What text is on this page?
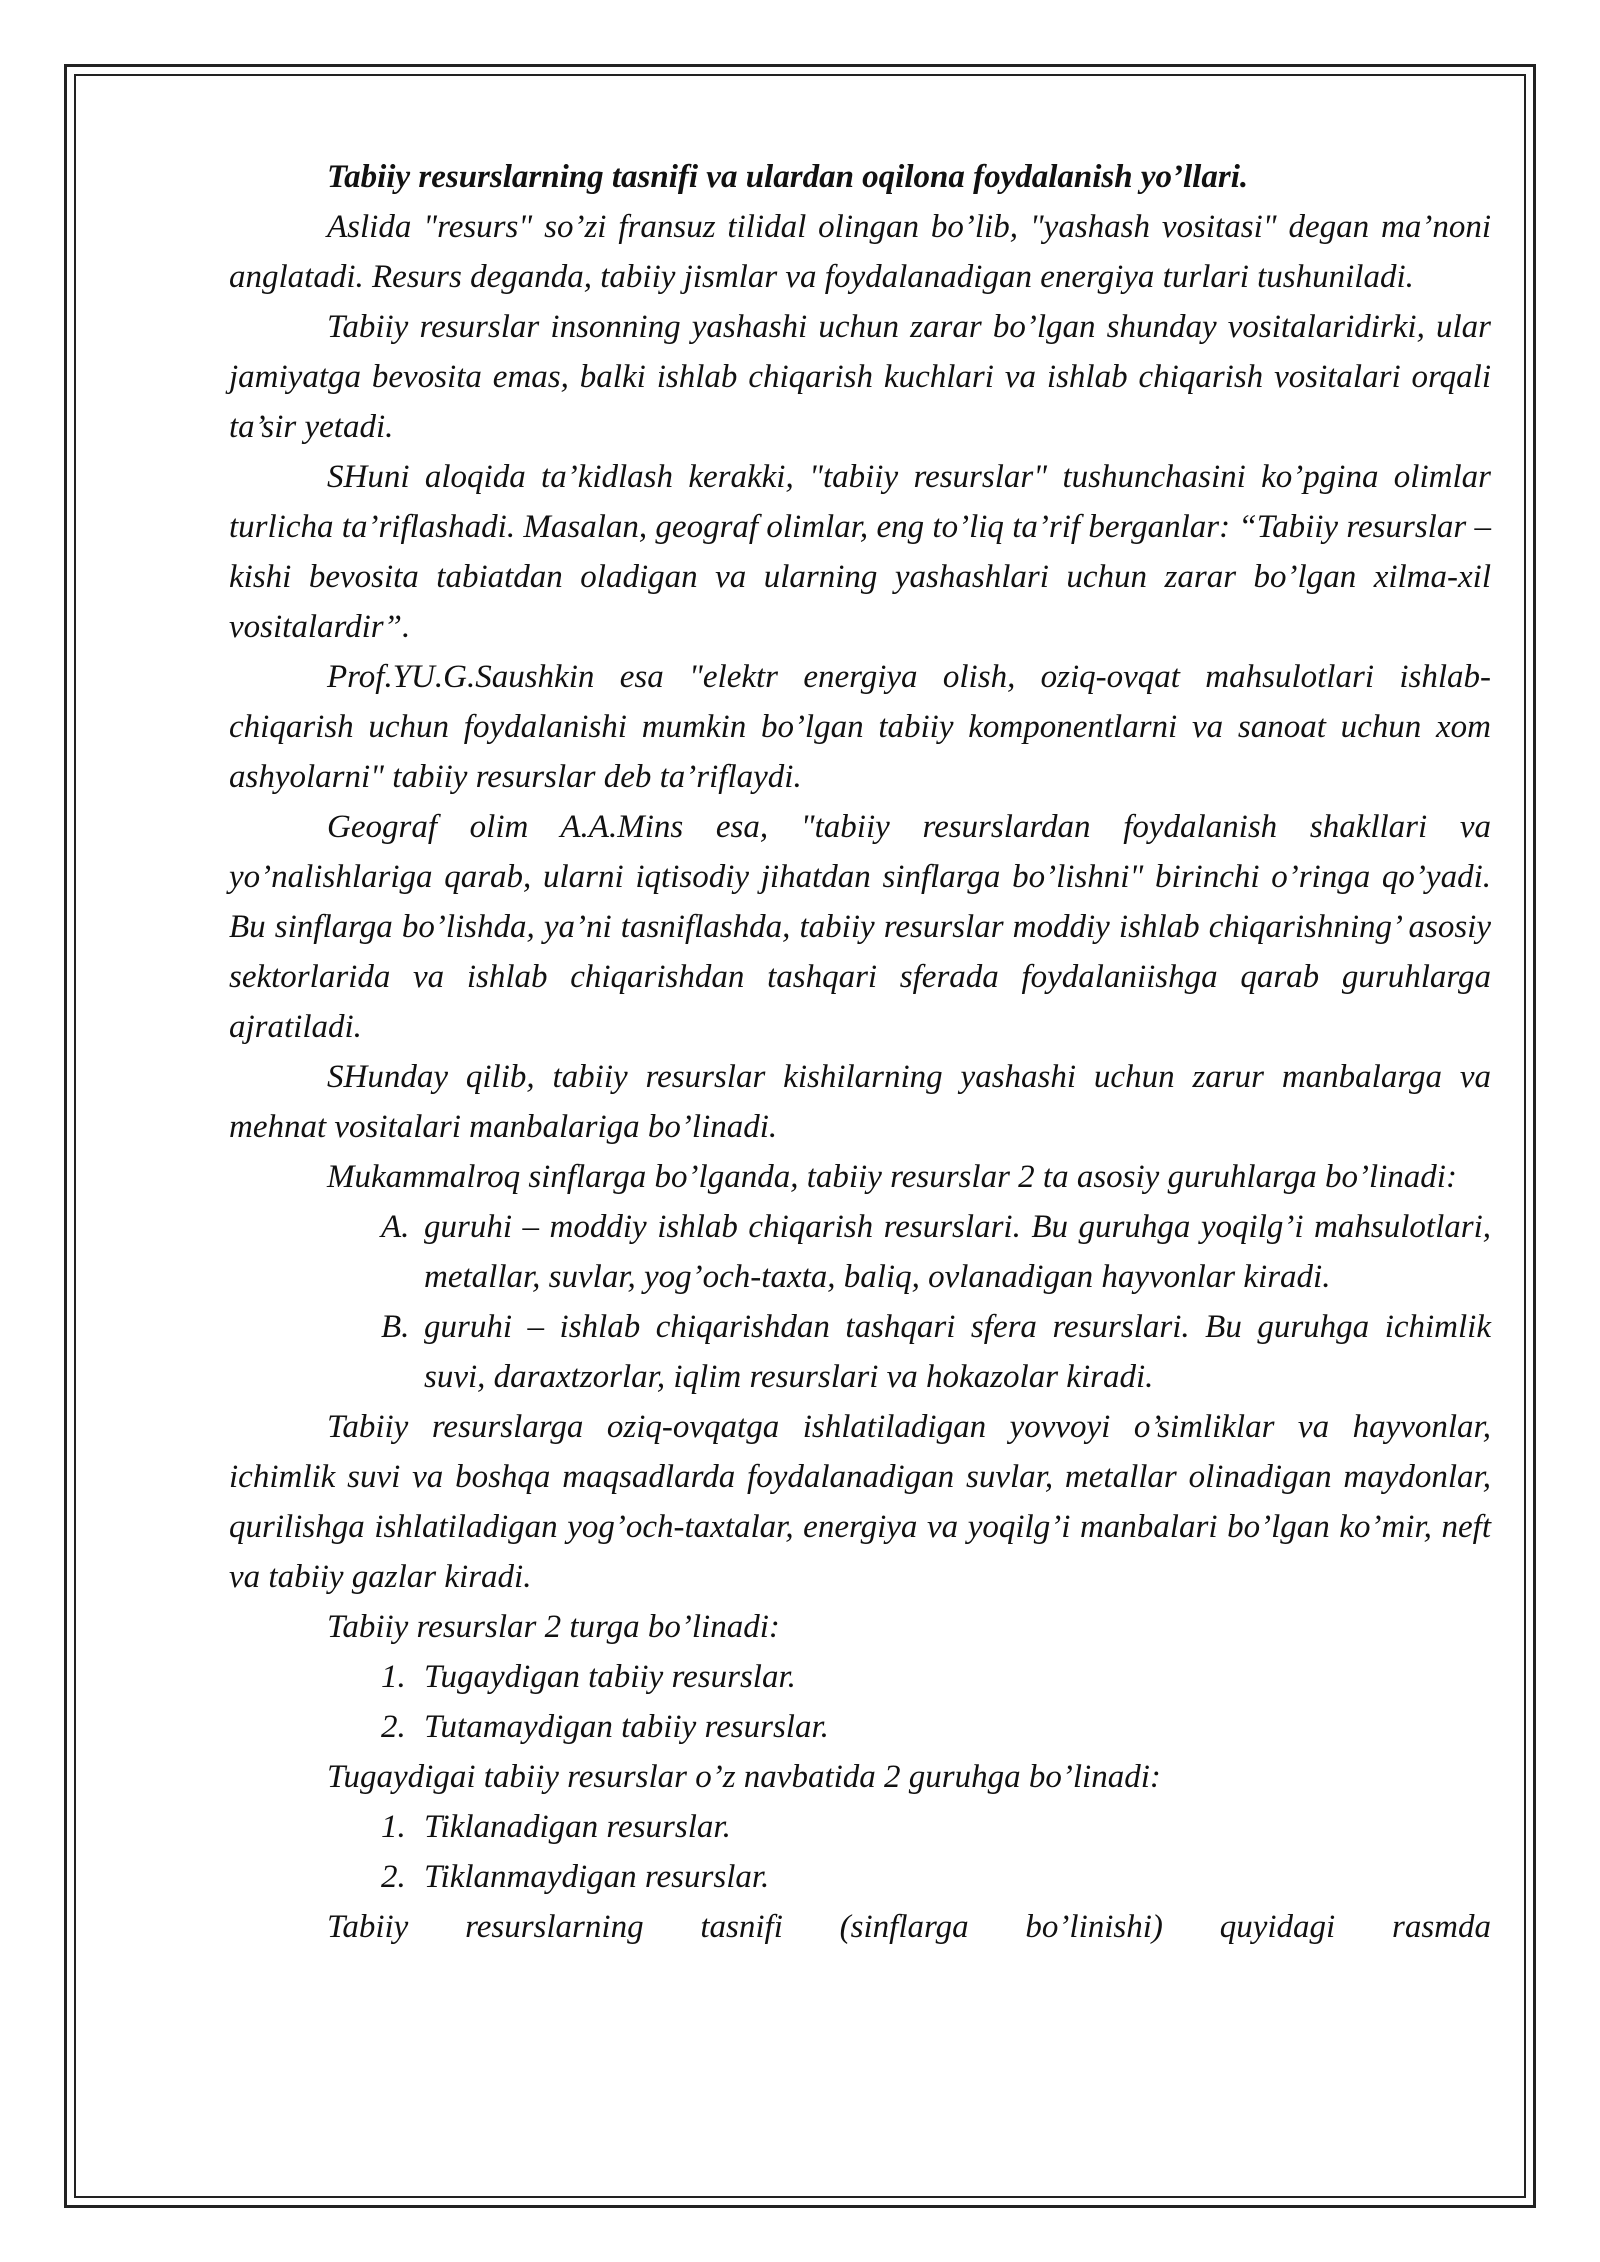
Tabiiy resurslarning tasnifi va ulardan oqilona foydalanish yo’llari.

Aslida "resurs" so’zi fransuz tilidal olingan bo’lib, "yashash vositasi" degan ma’noni anglatadi. Resurs deganda, tabiiy jismlar va foydalanadigan energiya turlari tushuniladi.

Tabiiy resurslar insonning yashashi uchun zarar bo’lgan shunday vositalaridirki, ular jamiyatga bevosita emas, balki ishlab chiqarish kuchlari va ishlab chiqarish vositalari orqali ta’sir yetadi.

SHuni aloqida ta’kidlash kerakki, "tabiiy resurslar" tushunchasini ko’pgina olimlar turlicha ta’riflashadi. Masalan, geograf olimlar, eng to’liq ta’rif berganlar: “Tabiiy resurslar – kishi bevosita tabiatdan oladigan va ularning yashashlari uchun zarar bo’lgan xilma-xil vositalardir”.

Prof.YU.G.Saushkin esa "elektr energiya olish, oziq-ovqat mahsulotlari ishlab-chiqarish uchun foydalanishi mumkin bo’lgan tabiiy komponentlarni va sanoat uchun xom ashyolarni" tabiiy resurslar deb ta’riflaydi.

Geograf olim A.A.Mins esa, "tabiiy resurslardan foydalanish shakllari va yo’nalishlariga qarab, ularni iqtisodiy jihatdan sinflarga bo’lishni" birinchi o’ringa qo’yadi. Bu sinflarga bo’lishda, ya’ni tasniflashda, tabiiy resurslar moddiy ishlab chiqarishning’ asosiy sektorlarida va ishlab chiqarishdan tashqari sferada foydalaniishga qarab guruhlarga ajratiladi.

SHunday qilib, tabiiy resurslar kishilarning yashashi uchun zarur manbalarga va mehnat vositalari manbalariga bo’linadi.

Mukammalroq sinflarga bo’lganda, tabiiy resurslar 2 ta asosiy guruhlarga bo’linadi:

A. guruhi – moddiy ishlab chiqarish resurslari. Bu guruhga yoqilg’i mahsulotlari, metallar, suvlar, yog’och-taxta, baliq, ovlanadigan hayvonlar kiradi.
B. guruhi – ishlab chiqarishdan tashqari sfera resurslari. Bu guruhga ichimlik suvi, daraxtzorlar, iqlim resurslari va hokazolar kiradi.

Tabiiy resurslarga oziq-ovqatga ishlatiladigan yovvoyi o’simliklar va hayvonlar, ichimlik suvi va boshqa maqsadlarda foydalanadigan suvlar, metallar olinadigan maydonlar, qurilishga ishlatiladigan yog’och-taxtalar, energiya va yoqilg’i manbalari bo’lgan ko’mir, neft va tabiiy gazlar kiradi.

Tabiiy resurslar 2 turga bo’linadi:

1. Tugaydigan tabiiy resurslar.
2. Tutamaydigan tabiiy resurslar.

Tugaydigai tabiiy resurslar o’z navbatida 2 guruhga bo’linadi:

1. Tiklanadigan resurslar.
2. Tiklanmaydigan resurslar.

Tabiiy resurslarning tasnifi (sinflarga bo’linishi) quyidagi rasmda
